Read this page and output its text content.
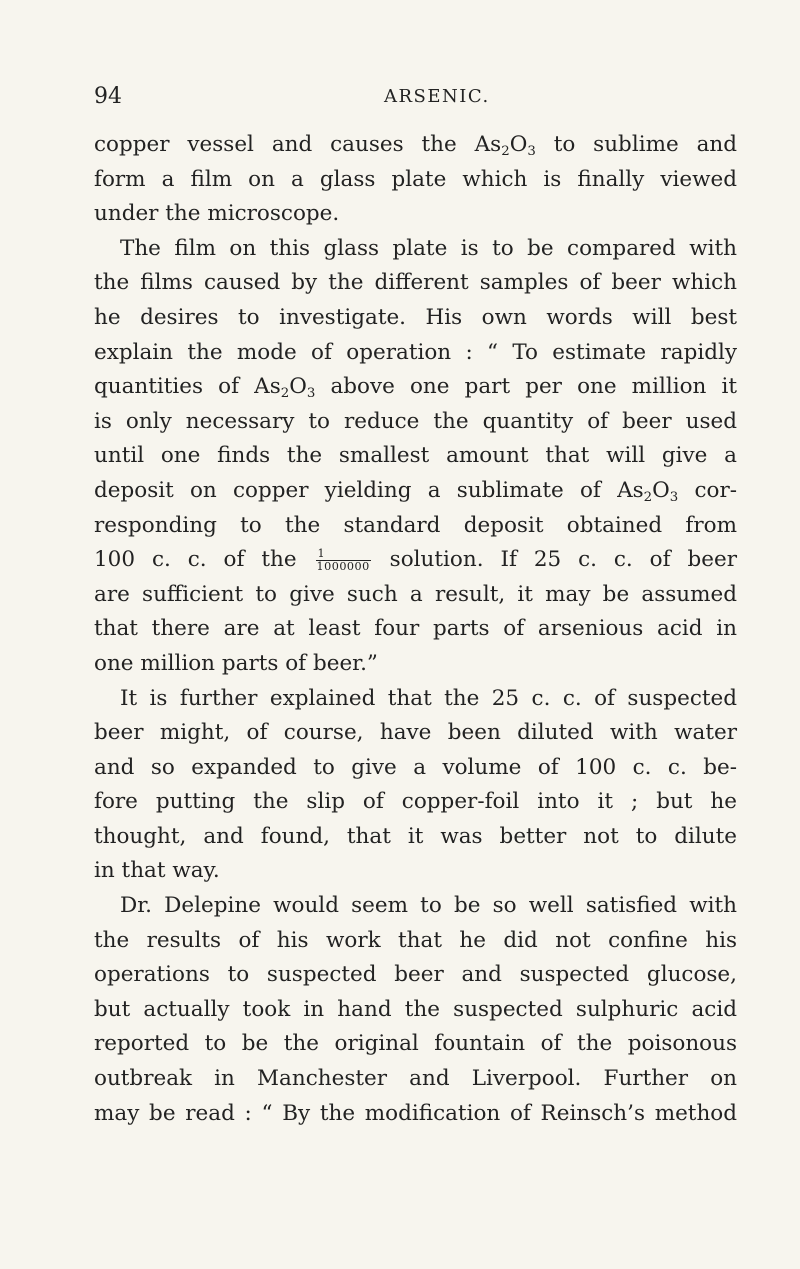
94	ARSENIC.
copper vessel and causes the $As_2O_3$ to sublime and
form a film on a glass plate which is finally viewed
under the microscope.
The film on this glass plate is to be compared with
the films caused by the different samples of beer which
he desires to investigate. His own words will best
explain the mode of operation : “ To estimate rapidly
quantities of $As_2O_3$ above one part per one million it
is only necessary to reduce the quantity of beer used
until one finds the smallest amount that will give a
deposit on copper yielding a sublimate of $As_2O_3$ cor-
responding to the standard deposit obtained from
100 c. c. of the $\frac{1}{1000000}$ solution. If 25 c. c. of beer
are sufficient to give such a result, it may be assumed
that there are at least four parts of arsenious acid in
one million parts of beer.”
It is further explained that the 25 c. c. of suspected
beer might, of course, have been diluted with water
and so expanded to give a volume of 100 c. c. be-
fore putting the slip of copper-foil into it ; but he
thought, and found, that it was better not to dilute
in that way.
Dr. Delepine would seem to be so well satisfied with
the results of his work that he did not confine his
operations to suspected beer and suspected glucose,
but actually took in hand the suspected sulphuric acid
reported to be the original fountain of the poisonous
outbreak in Manchester and Liverpool. Further on
may be read : “ By the modification of Reinsch’s method
